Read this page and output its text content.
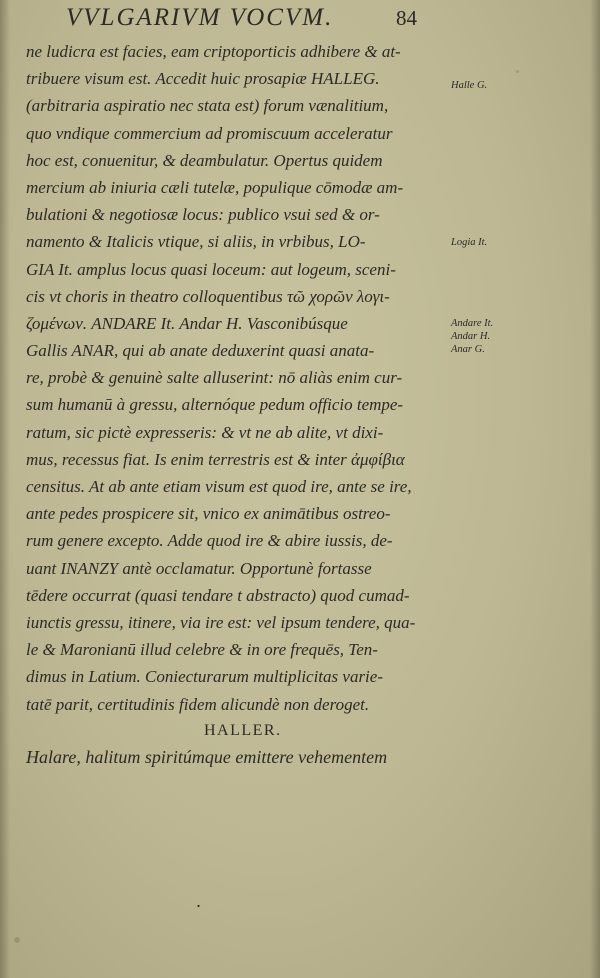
VVLGARIVM VOCVM.	84
ne ludicra est facies, eam criptoporticis adhibere & at-
tribuere visum est. Accedit huic prosapiæ HALLEG.
(arbitraria aspiratio nec stata est) forum vænalitium,
quo vndique commercium ad promiscuum acceleratur
hoc est, conuenitur, & deambulatur. Opertus quidem
mercium ab iniuria cæli tutelæ, populique cōmodæ am-
bulationi & negotiosæ locus: publico vsui sed & or-
namento & Italicis vtique, si aliis, in vrbibus, LO-
GIA It. amplus locus quasi loceum: aut logeum, sceni-
cis vt choris in theatro colloquentibus τῶ χορῶν λογι-
ζομένων. ANDARE It. Andar H. Vasconibúsque
Gallis ANAR, qui ab anate deduxerint quasi anata-
re, probè & genuinè salte alluserint: nō aliàs enim cur-
sum humanū à gressu, alternóque pedum officio tempe-
ratum, sic pictè expresseris: & vt ne ab alite, vt dixi-
mus, recessus fiat. Is enim terrestris est & inter ἀμφίβια
censitus. At ab ante etiam visum est quod ire, ante se ire,
ante pedes prospicere sit, vnico ex animātibus ostreo-
rum genere excepto. Adde quod ire & abire iussis, de-
uant INANZY antè occlamatur. Opportunè fortasse
tēdere occurrat (quasi tendare t abstracto) quod cumad-
iunctis gressu, itinere, via ire est: vel ipsum tendere, qua-
le & Maronianū illud celebre & in ore frequēs, Ten-
dimus in Latium. Coniecturarum multiplicitas varie-
tatē parit, certitudinis fidem alicundè non deroget.
HALLER.
Halare, halitum spiritúmque emittere vehementem
Halle G.
Logia It.
Andare It.
Andar H.
Anar G.
·
